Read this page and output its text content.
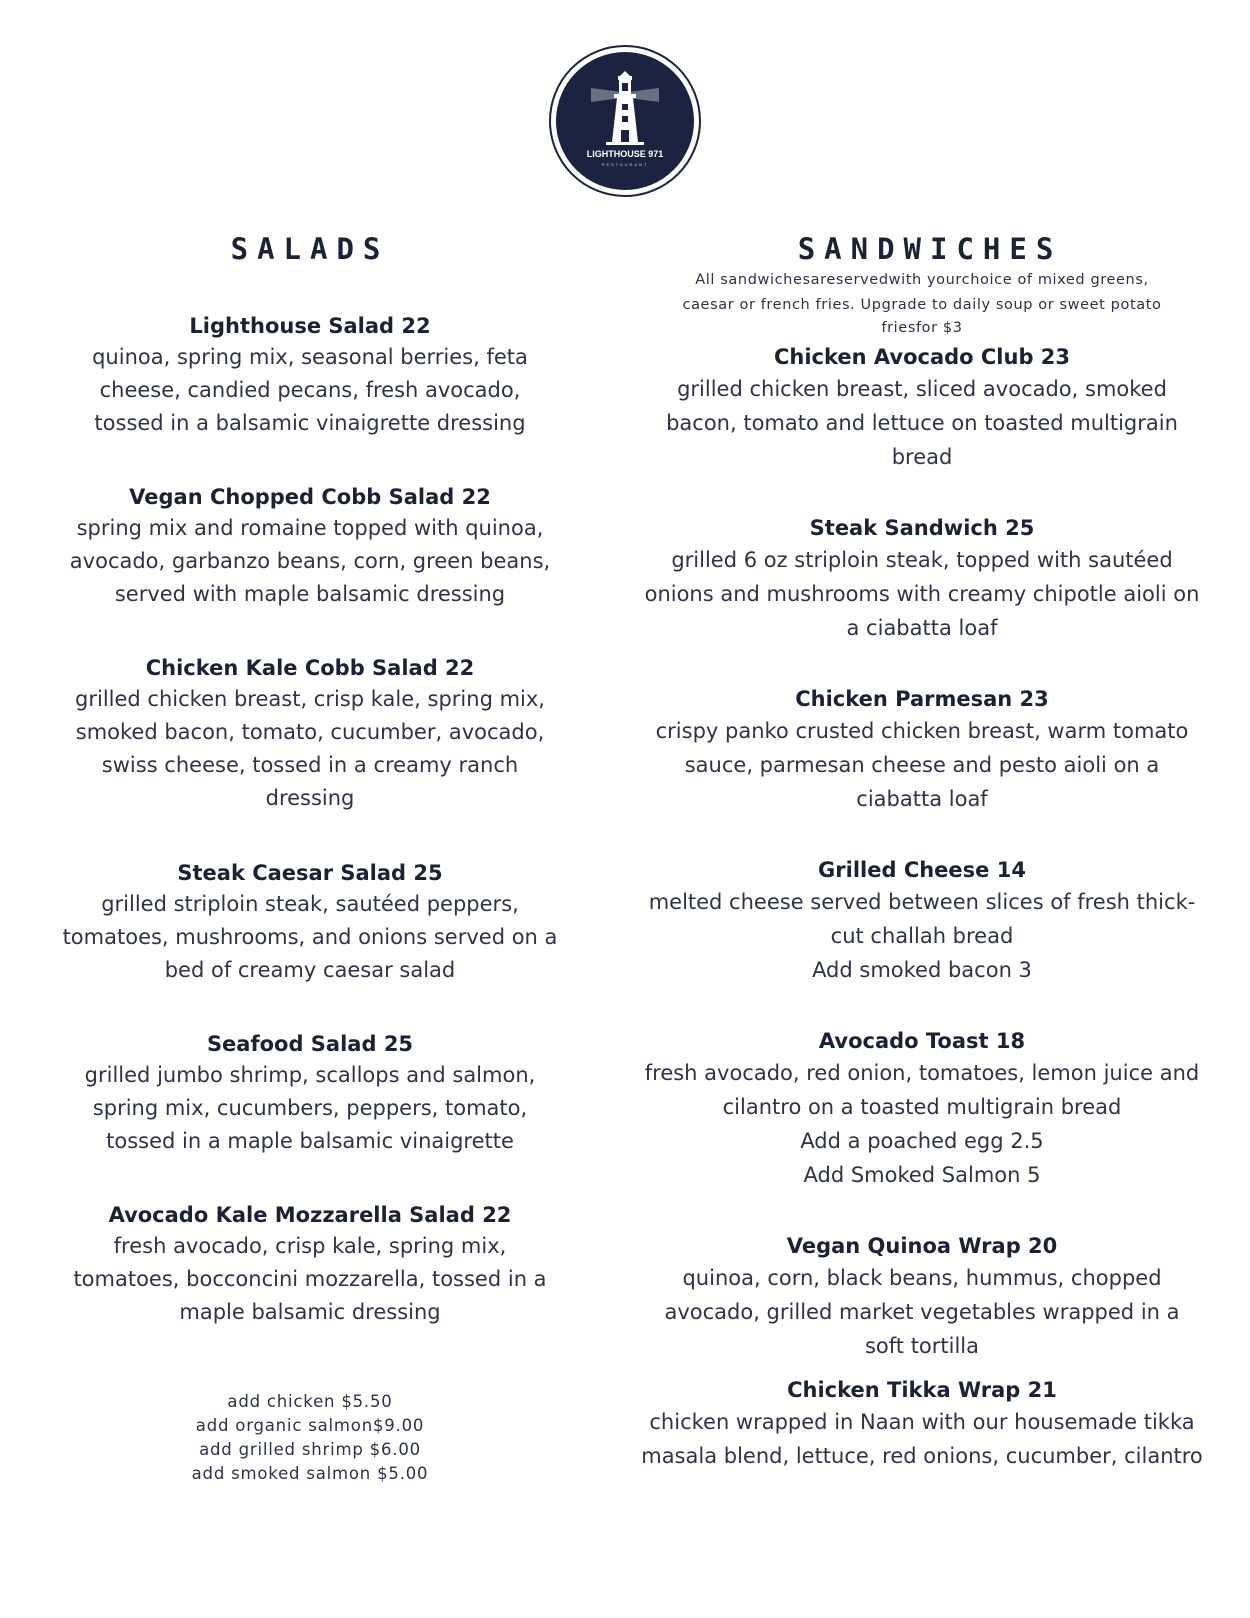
LIGHTHOUSE 971
RESTAURANT
SALADS	SANDWICHES
All sandwichesareservedwith yourchoice of mixed greens,
caesar or french fries. Upgrade to daily soup or sweet potato

friesfor $3
Lighthouse Salad 22
quinoa, spring mix, seasonal berries, feta
cheese, candied pecans, fresh avocado,
tossed in a balsamic vinaigrette dressing
Vegan Chopped Cobb Salad 22
spring mix and romaine topped with quinoa,
avocado, garbanzo beans, corn, green beans,
served with maple balsamic dressing
Chicken Kale Cobb Salad 22
grilled chicken breast, crisp kale, spring mix,
smoked bacon, tomato, cucumber, avocado,
swiss cheese, tossed in a creamy ranch
dressing
Steak Caesar Salad 25
grilled striploin steak, sautéed peppers,
tomatoes, mushrooms, and onions served on a
bed of creamy caesar salad
Seafood Salad 25
grilled jumbo shrimp, scallops and salmon,
spring mix, cucumbers, peppers, tomato,
tossed in a maple balsamic vinaigrette
Avocado Kale Mozzarella Salad 22
fresh avocado, crisp kale, spring mix,
tomatoes, bocconcini mozzarella, tossed in a
maple balsamic dressing
add chicken $5.50
add organic salmon$9.00
add grilled shrimp $6.00
add smoked salmon $5.00
Chicken Avocado Club 23
grilled chicken breast, sliced avocado, smoked
bacon, tomato and lettuce on toasted multigrain
bread
Steak Sandwich 25
grilled 6 oz striploin steak, topped with sautéed
onions and mushrooms with creamy chipotle aioli on
a ciabatta loaf
Chicken Parmesan 23
crispy panko crusted chicken breast, warm tomato
sauce, parmesan cheese and pesto aioli on a
ciabatta loaf
Grilled Cheese 14
melted cheese served between slices of fresh thick-
cut challah bread
Add smoked bacon 3
Avocado Toast 18
fresh avocado, red onion, tomatoes, lemon juice and
cilantro on a toasted multigrain bread
Add a poached egg 2.5
Add Smoked Salmon 5
Vegan Quinoa Wrap 20
quinoa, corn, black beans, hummus, chopped
avocado, grilled market vegetables wrapped in a
soft tortilla
Chicken Tikka Wrap 21
chicken wrapped in Naan with our housemade tikka
masala blend, lettuce, red onions, cucumber, cilantro
